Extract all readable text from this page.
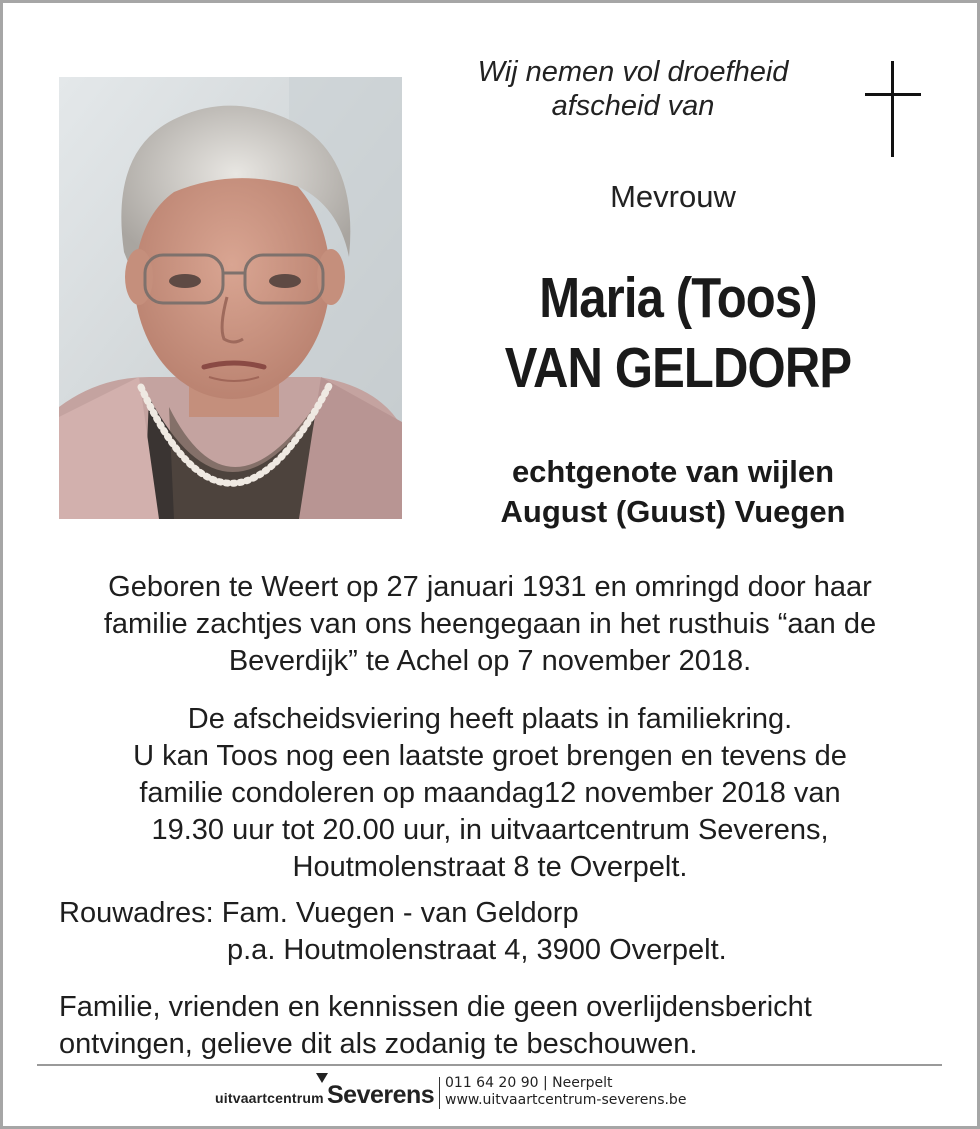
Wij nemen vol droefheid
afscheid van
Mevrouw
Maria (Toos)
VAN GELDORP
echtgenote van wijlen
August (Guust) Vuegen
Geboren te Weert op 27 januari 1931 en omringd door haar
familie zachtjes van ons heengegaan in het rusthuis “aan de
Beverdijk” te Achel op 7 november 2018.
De afscheidsviering heeft plaats in familiekring.
U kan Toos nog een laatste groet brengen en tevens de
familie condoleren op maandag12 november 2018 van
19.30 uur tot 20.00 uur, in uitvaartcentrum Severens,
Houtmolenstraat 8 te Overpelt.
Rouwadres: Fam. Vuegen - van Geldorp
p.a. Houtmolenstraat 4, 3900 Overpelt.
Familie, vrienden en kennissen die geen overlijdensbericht
ontvingen, gelieve dit als zodanig te beschouwen.
uitvaartcentrum Severens 011 64 20 90 | Neerpelt
www.uitvaartcentrum-severens.be
